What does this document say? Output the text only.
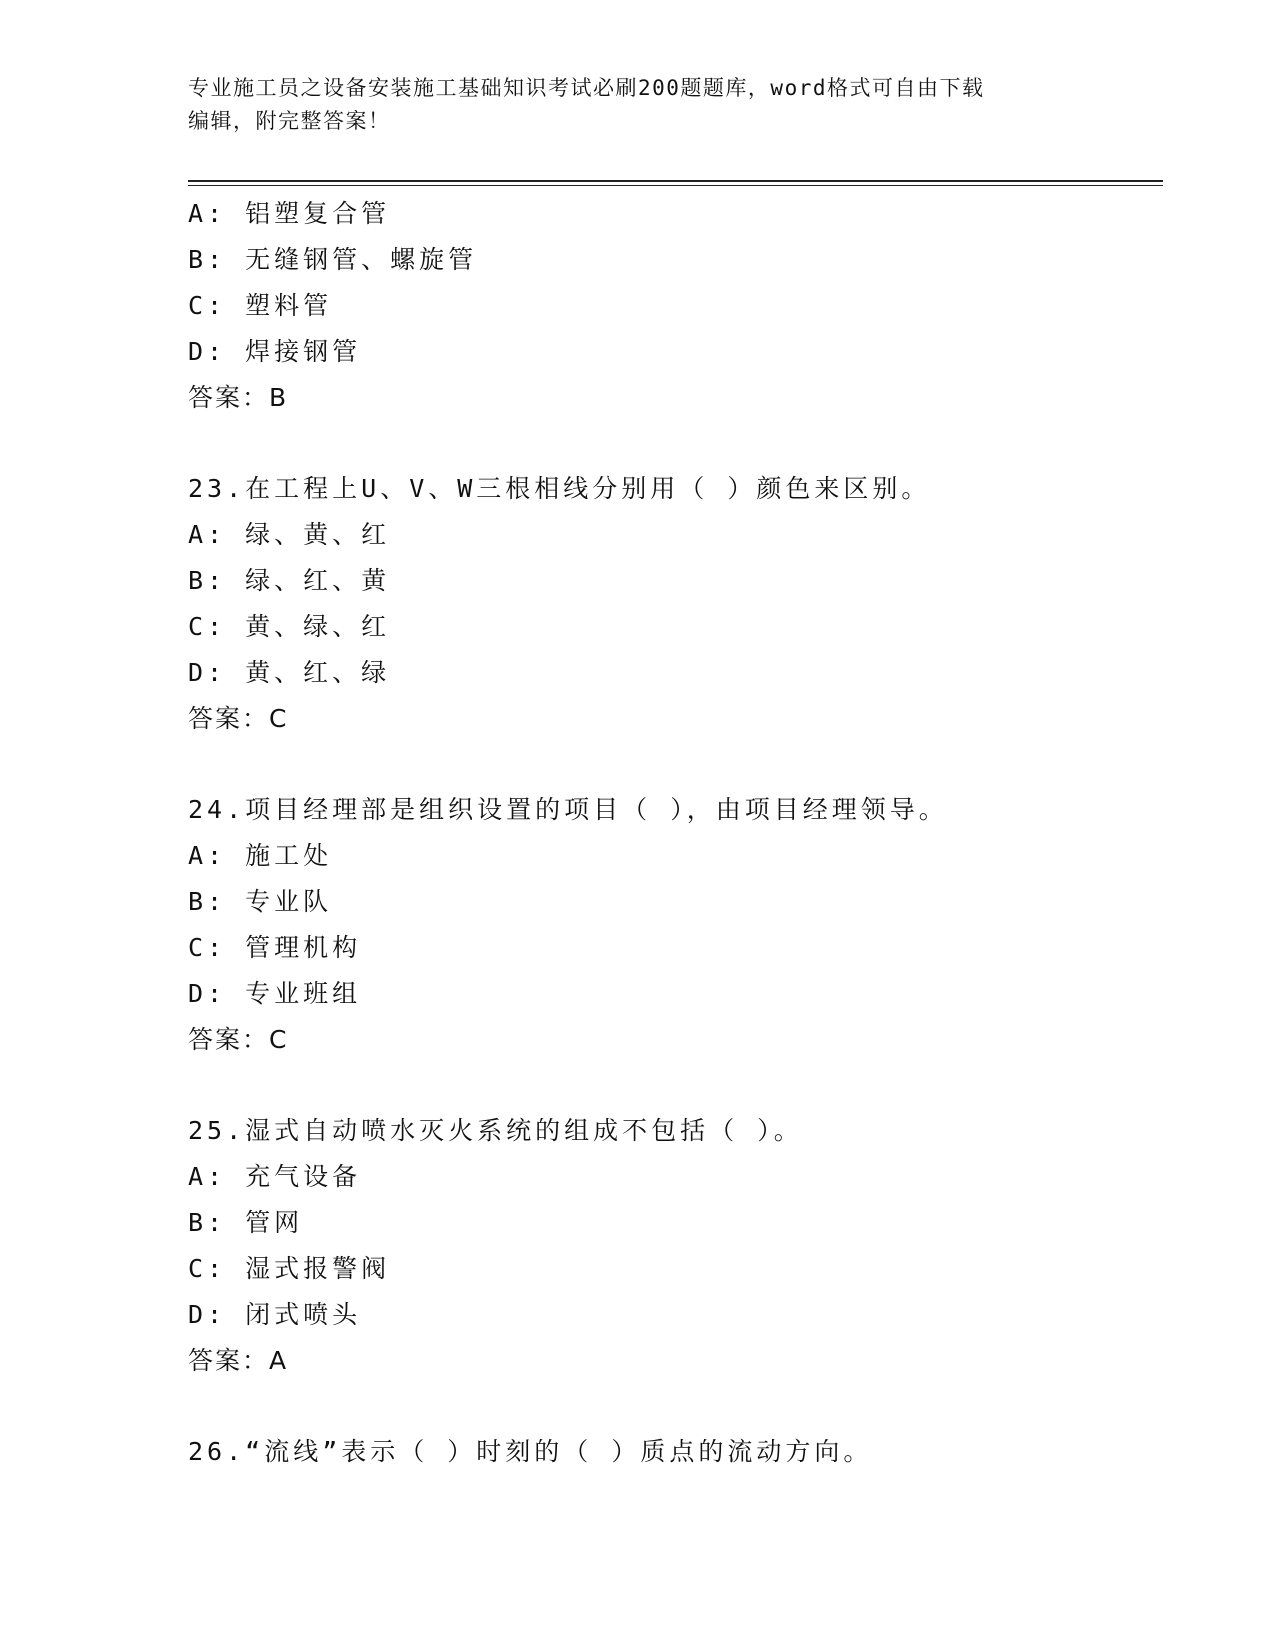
专业施工员之设备安装施工基础知识考试必刷200题题库，word格式可自由下载
编辑，附完整答案！
A: 铝塑复合管
B: 无缝钢管、螺旋管
C: 塑料管
D: 焊接钢管
答案：B
23.在工程上U、V、W三根相线分别用（ ）颜色来区别。
A: 绿、黄、红
B: 绿、红、黄
C: 黄、绿、红
D: 黄、红、绿
答案：C
24.项目经理部是组织设置的项目（ ），由项目经理领导。
A: 施工处
B: 专业队
C: 管理机构
D: 专业班组
答案：C
25.湿式自动喷水灭火系统的组成不包括（ ）。
A: 充气设备
B: 管网
C: 湿式报警阀
D: 闭式喷头
答案：A
26.“流线”表示（ ）时刻的（ ）质点的流动方向。
